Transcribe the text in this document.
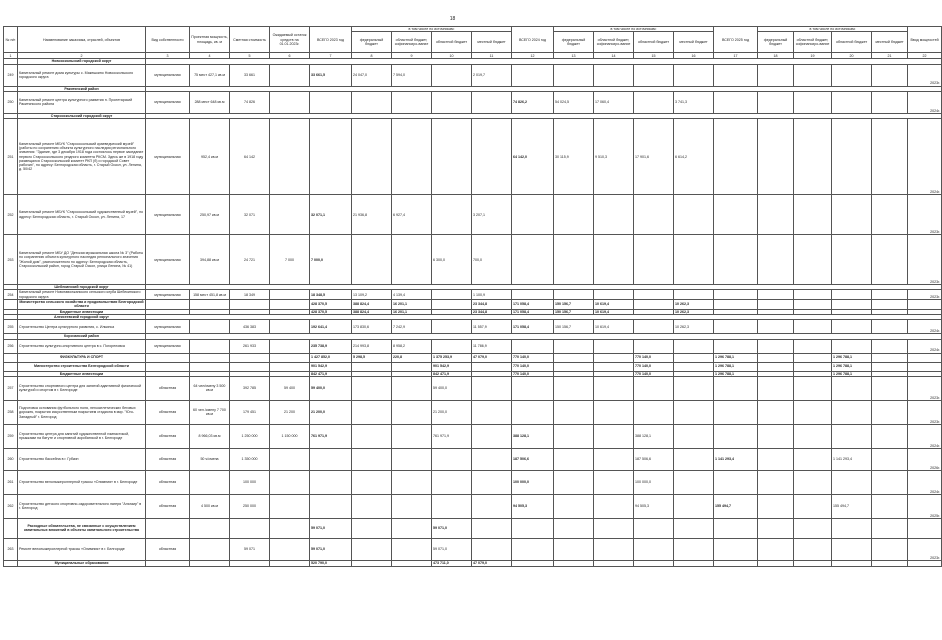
18
№ п/п	Наименование заказчика, отраслей, объектов	Вид собственности	Проектная мощность, площадь, кв. м	Сметная стоимость	Ожидаемый остаток средств на 01.01.2023г.	ВСЕГО 2023 год	в том числе по источникам:				ВСЕГО 2024 год	в том числе по источникам:				ВСЕГО 2025 год	в том числе по источникам:				Ввод мощностей
							федеральный бюджет	областной бюджет, софинансиро-вание	областной бюджет	местный бюджет		федеральный бюджет	областной бюджет, софинансиро-вание	областной бюджет	местный бюджет		федеральный бюджет	областной бюджет, софинансиро-вание	областной бюджет	местный бюджет	
1	2	3	4	5	6	7	8	9	10	11	12	13	14	15	16	17	18	19	20	21	22
	Новооскольский городской округ																				
249	Капитальный ремонт дома культуры с. Макешкино Новооскольского городского округа	муниципальная	75 мест 427,1 кв.м	33 661		33 661,5	24 047,0	7 594,0		2 019,7											2023г.
	Ракитянский район																				
250	Капитальный ремонт центра культурного развития п. Пролетарский Ракитянского района	муниципальная	288 мест 648 кв.м	74 826							74 826,2	54 024,5	17 060,4		3 741,3						2024г.
	Старооскольский городской округ																				
251	Капитальный ремонт МБУК "Старооскольский краеведческий музей" (работы по сохранению объекта культурного наследия регионального значения: "Здание, где 3 декабря 1918 года состоялось первое заседание первого Старооскольского уездного комитета РКСМ. Здесь же в 1918 году размещался Старооскольский комитет РКП (б) и городской Совет рабочих", по адресу: Белгородская область, г. Старый Оскол, ул. Ленина, д. 50/42	муниципальная	952,4 кв.м	64 142							64 142,0	30 115,9	9 510,3	17 901,6	6 614,2						2024г.
252	Капитальный ремонт МБУК "Старооскольский художественный музей", по адресу: Белгородская область, г. Старый Оскол, ул. Ленина, 17	муниципальная	250,97 кв.м	32 071		32 071,1	21 936,8	6 927,4		3 207,1											2023г.
253	Капитальный ремонт МБУ ДО "Детская музыкальная школа № 3" (Работы по сохранению объекта культурного наследия регионального значения "Жилой дом", расположенного по адресу: Белгородская область, Старооскольский район, город Старый Оскол, улица Ленина, № 41)	муниципальная	394,88 кв.м	24 721	7 000	7 000,0			6 300,0	700,0											2023г.
	Шебекинский городской округ																				
254	Капитальный ремонт Новотаволжанского сельского клуба Шебекинского городского округа	муниципальная	158 мест 451,8 кв.м	18 349		18 348,5	13 109,2	4 139,4		1 100,9											2023г.
	Министерство сельского хозяйства и продовольствия Белгородской области					428 370,5	388 824,4	16 201,1		23 344,8	171 058,4	150 156,7	10 619,4		10 262,3						
	Бюджетные инвестиции					428 370,5	388 824,4	16 201,1		23 344,8	171 058,4	150 156,7	10 619,4		10 262,3						
	Алексеевский городской округ																				
255	Строительство Центра культурного развития, с. Ильинка	муниципальная		436 383		192 641,4	173 830,6	7 242,9		11 557,9	171 058,4	150 156,7	10 619,4		10 262,3						2024г.
	Корочанский район																				
256	Строительство культурно-спортивного центра в с. Погореловка	муниципальная		261 933		235 738,9	214 993,8	8 958,2		11 786,9											2024г.
	ФИЗКУЛЬТУРА И СПОРТ					1 427 852,0	5 298,5	220,8	1 375 253,9	47 079,0	770 140,0			770 140,0		1 296 788,1			1 296 788,1		
	Министерство строительства Белгородской области					901 542,9			901 542,9		770 140,0			770 140,0		1 296 788,1			1 296 788,1		
	Бюджетные инвестиции					842 471,9			842 471,9		770 140,0			770 140,0		1 296 788,1			1 296 788,1		
257	Строительство спортивного центра для занятий адаптивной физической культурой и спортом в г. Белгороде	областная	64 чел/смену 3 500 кв.м	392 785	59 400	59 400,0			59 400,0												2023г.
258	Подготовка основания футбольного поля, легкоатлетических беговых дорожек, покрытия искусственным покрытием стадиона в мкр. "Юго-Западный" г. Белгород	областная	60 чел./смену 7 700 кв.м	179 451	21 200	21 200,0			21 200,0												2023г.
259	Строительство центра для занятий художественной гимнастикой, прыжками на батуте и спортивной акробатикой в г. Белгороде	областная	8 966,03 кв.м	1 250 000	1 150 000	761 971,9			761 971,9		388 128,1			388 128,1							2024г.
260	Строительство бассейна в г. Губкин	областная	50 ч/смена	1 350 000							187 506,6			187 506,6		1 141 293,4			1 141 293,4		2026г.
261	Строительство велолыжероллерной трассы «Олимпия» в г. Белгороде	областная		100 000							100 000,0			100 000,0							2024г.
262	Строительство детского спортивно-оздоровительного лагеря "Альтаир" в г. Белгород	областная	4 500 кв.м	250 000							94 505,3			94 505,3		155 494,7			155 494,7		2025г.
	Расходные обязательства, не связанные с осуществлением капитальных вложений в объекты капитального строительства					59 071,0			59 071,0												
263	Ремонт велолыжероллерной трассы «Олимпия» в г. Белгороде	областная		59 071		59 071,0			59 071,0												2023г.
	Муниципальные образования					520 790,0			473 711,0	47 079,0											
